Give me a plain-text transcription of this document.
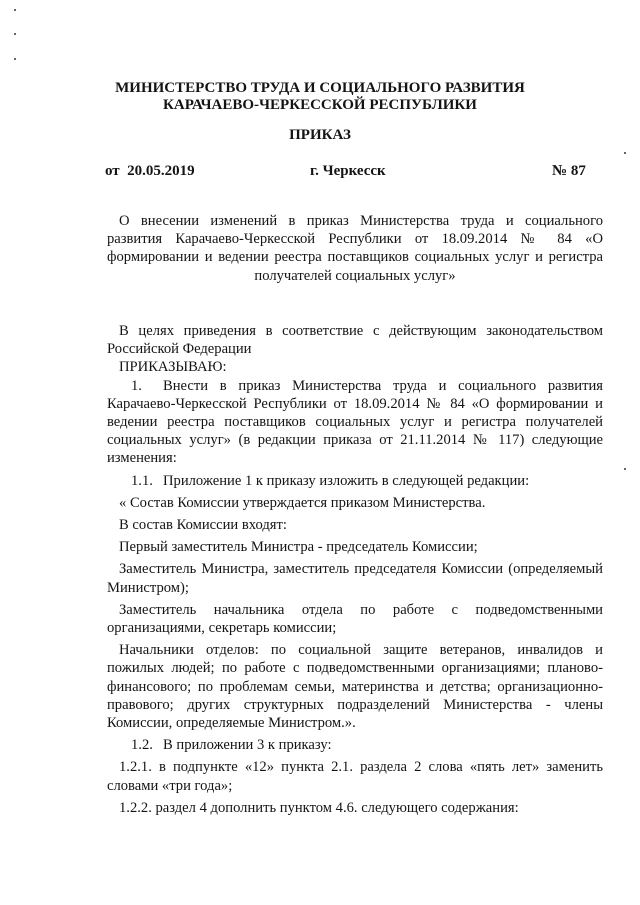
МИНИСТЕРСТВО ТРУДА И СОЦИАЛЬНОГО РАЗВИТИЯ
КАРАЧАЕВО-ЧЕРКЕССКОЙ РЕСПУБЛИКИ
ПРИКАЗ
от  20.05.2019	г. Черкесск	№ 87
О внесении изменений в приказ Министерства труда и социального
развития Карачаево-Черкесской Республики от 18.09.2014 № 84 «О
формировании и ведении реестра поставщиков социальных услуг и регистра
получателей социальных услуг»

В целях приведения в соответствие с действующим законодательством Российской Федерации

ПРИКАЗЫВАЮ:

1. Внести в приказ Министерства труда и социального развития Карачаево-Черкесской Республики от 18.09.2014 № 84 «О формировании и ведении реестра поставщиков социальных услуг и регистра получателей социальных услуг» (в редакции приказа от 21.11.2014 № 117) следующие изменения:

1.1. Приложение 1 к приказу изложить в следующей редакции:

« Состав Комиссии утверждается приказом Министерства.

В состав Комиссии входят:

Первый заместитель Министра - председатель Комиссии;

Заместитель Министра, заместитель председателя Комиссии (определяемый Министром);

Заместитель начальника отдела по работе с подведомственными организациями, секретарь комиссии;

Начальники отделов: по социальной защите ветеранов, инвалидов и пожилых людей; по работе с подведомственными организациями; планово-финансового; по проблемам семьи, материнства и детства; организационно-правового; других структурных подразделений Министерства - члены Комиссии, определяемые Министром.».

1.2. В приложении 3 к приказу:

1.2.1. в подпункте «12» пункта 2.1. раздела 2 слова «пять лет» заменить словами «три года»;

1.2.2. раздел 4 дополнить пунктом 4.6. следующего содержания:
